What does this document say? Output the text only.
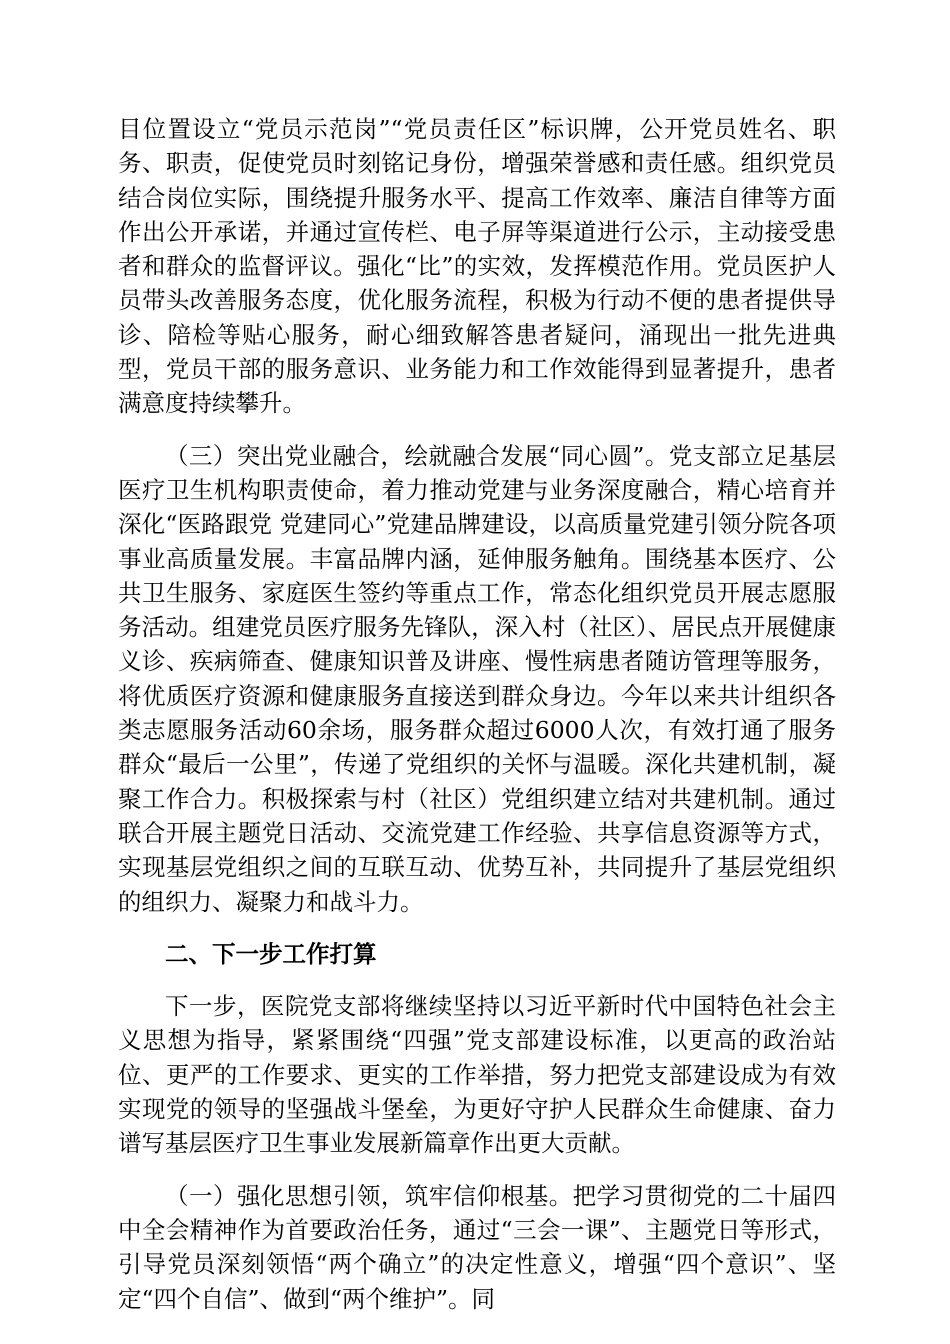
目位置设立“党员示范岗”“党员责任区”标识牌，公开党员姓名、职务、职责，促使党员时刻铭记身份，增强荣誉感和责任感。组织党员结合岗位实际，围绕提升服务水平、提高工作效率、廉洁自律等方面作出公开承诺，并通过宣传栏、电子屏等渠道进行公示，主动接受患者和群众的监督评议。强化“比”的实效，发挥模范作用。党员医护人员带头改善服务态度，优化服务流程，积极为行动不便的患者提供导诊、陪检等贴心服务，耐心细致解答患者疑问，涌现出一批先进典型，党员干部的服务意识、业务能力和工作效能得到显著提升，患者满意度持续攀升。

（三）突出党业融合，绘就融合发展“同心圆”。党支部立足基层医疗卫生机构职责使命，着力推动党建与业务深度融合，精心培育并深化“医路跟党 党建同心”党建品牌建设，以高质量党建引领分院各项事业高质量发展。丰富品牌内涵，延伸服务触角。围绕基本医疗、公共卫生服务、家庭医生签约等重点工作，常态化组织党员开展志愿服务活动。组建党员医疗服务先锋队，深入村（社区）、居民点开展健康义诊、疾病筛查、健康知识普及讲座、慢性病患者随访管理等服务，将优质医疗资源和健康服务直接送到群众身边。今年以来共计组织各类志愿服务活动60余场，服务群众超过6000人次，有效打通了服务群众“最后一公里”，传递了党组织的关怀与温暖。深化共建机制，凝聚工作合力。积极探索与村（社区）党组织建立结对共建机制。通过联合开展主题党日活动、交流党建工作经验、共享信息资源等方式，实现基层党组织之间的互联互动、优势互补，共同提升了基层党组织的组织力、凝聚力和战斗力。

二、下一步工作打算

下一步，医院党支部将继续坚持以习近平新时代中国特色社会主义思想为指导，紧紧围绕“四强”党支部建设标准，以更高的政治站位、更严的工作要求、更实的工作举措，努力把党支部建设成为有效实现党的领导的坚强战斗堡垒，为更好守护人民群众生命健康、奋力谱写基层医疗卫生事业发展新篇章作出更大贡献。

（一）强化思想引领，筑牢信仰根基。把学习贯彻党的二十届四中全会精神作为首要政治任务，通过“三会一课”、主题党日等形式，引导党员深刻领悟“两个确立”的决定性意义，增强“四个意识”、坚定“四个自信”、做到“两个维护”。同
